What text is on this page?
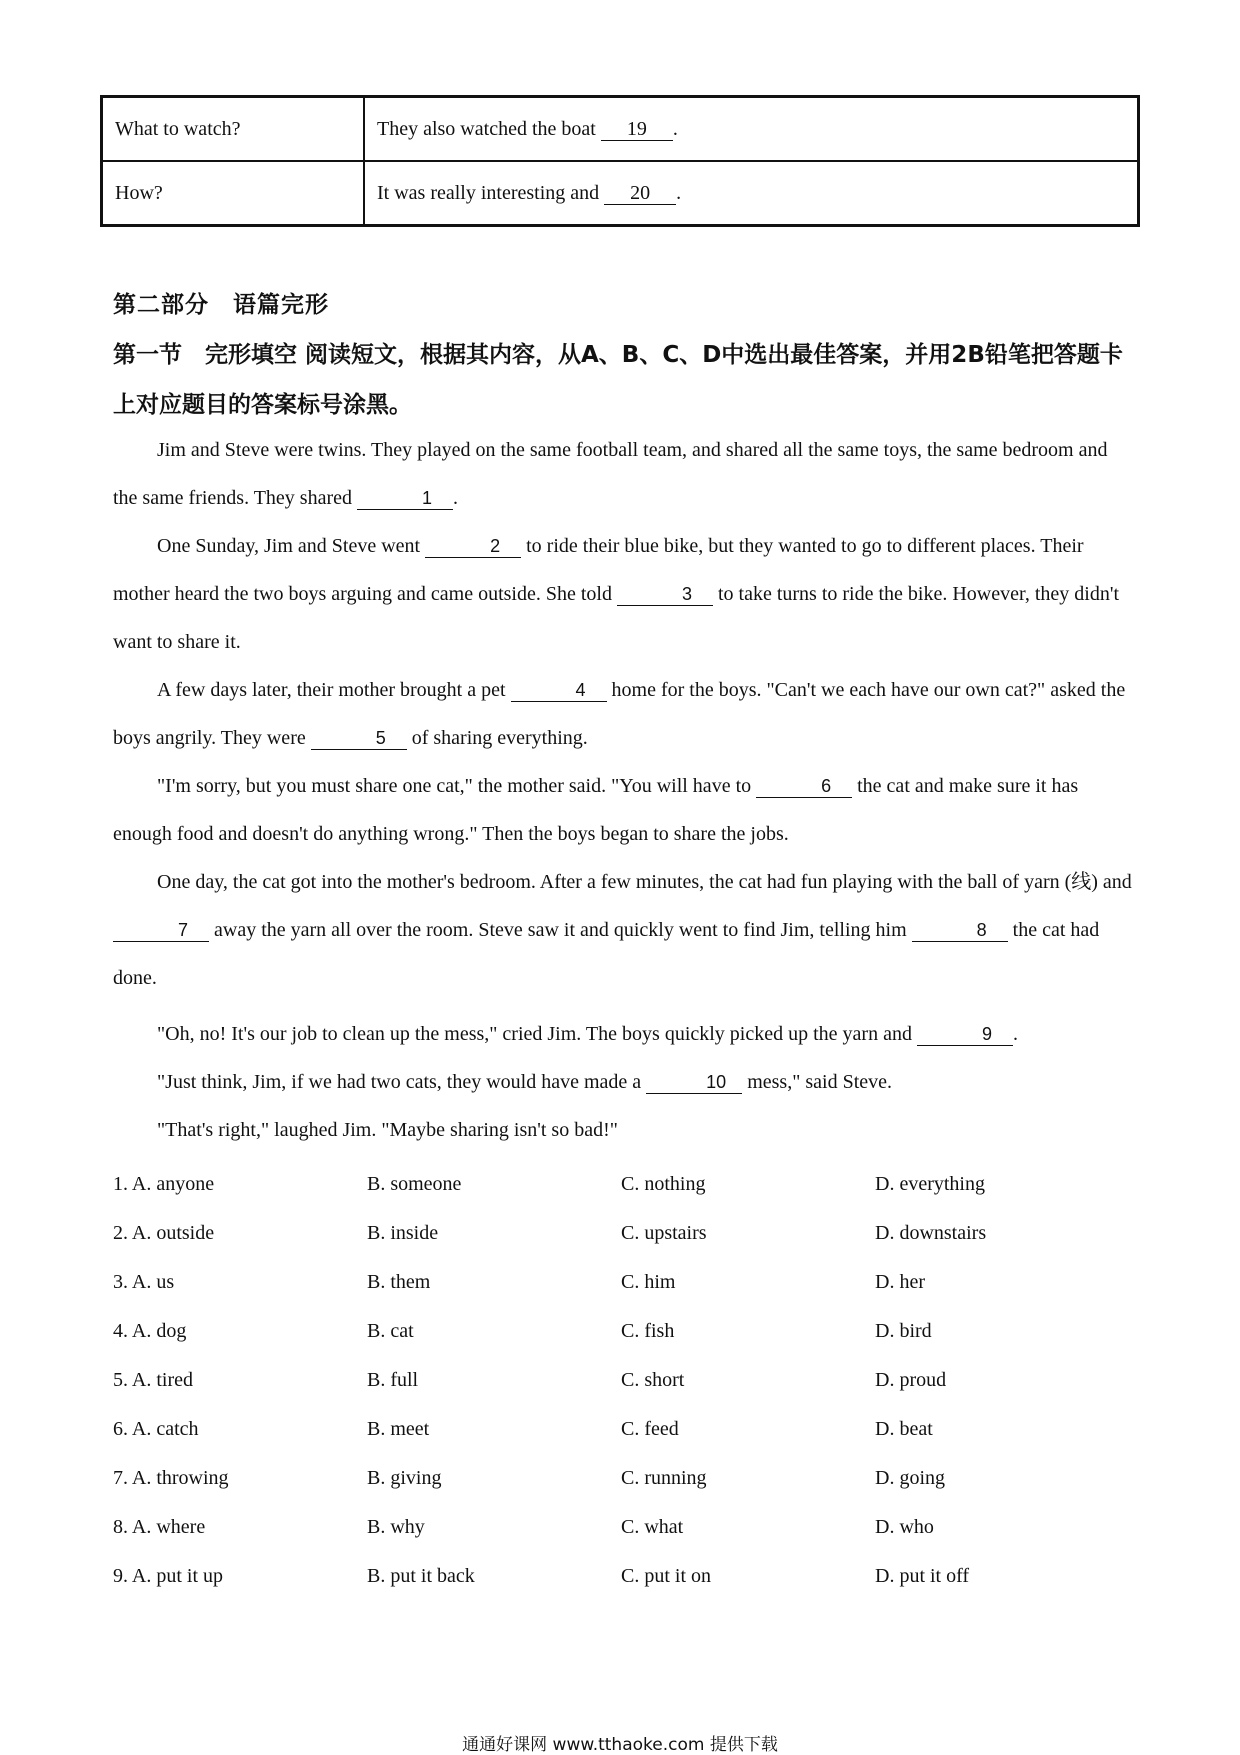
What to watch?	They also watched the boat 19 .
How?	It was really interesting and 20 .
第二部分　语篇完形
第一节　完形填空 阅读短文，根据其内容，从A、B、C、D中选出最佳答案，并用2B铅笔把答题卡上对应题目的答案标号涂黑。
Jim and Steve were twins. They played on the same football team, and shared all the same toys, the same bedroom and the same friends. They shared	1 .
One Sunday, Jim and Steve went	2 to ride their blue bike, but they wanted to go to different places. Their mother heard the two boys arguing and came outside. She told	3 to take turns to ride the bike. However, they didn't want to share it.
A few days later, their mother brought a pet	4 home for the boys. "Can't we each have our own cat?" asked the boys angrily. They were	5 of sharing everything.
"I'm sorry, but you must share one cat," the mother said. "You will have to	6 the cat and make sure it has enough food and doesn't do anything wrong." Then the boys began to share the jobs.
One day, the cat got into the mother's bedroom. After a few minutes, the cat had fun playing with the ball of yarn (线) and 7 away the yarn all over the room. Steve saw it and quickly went to find Jim, telling him	8 the cat had done.
"Oh, no! It's our job to clean up the mess," cried Jim. The boys quickly picked up the yarn and	9 .
"Just think, Jim, if we had two cats, they would have made a	10 mess," said Steve.
"That's right," laughed Jim. "Maybe sharing isn't so bad!"
1. A. anyone	B. someone	C. nothing	D. everything
2. A. outside	B. inside	C. upstairs	D. downstairs
3. A. us	B. them	C. him	D. her
4. A. dog	B. cat	C. fish	D. bird
5. A. tired	B. full	C. short	D. proud
6. A. catch	B. meet	C. feed	D. beat
7. A. throwing	B. giving	C. running	D. going
8. A. where	B. why	C. what	D. who
9. A. put it up	B. put it back	C. put it on	D. put it off
通通好课网 www.tthaoke.com 提供下载
